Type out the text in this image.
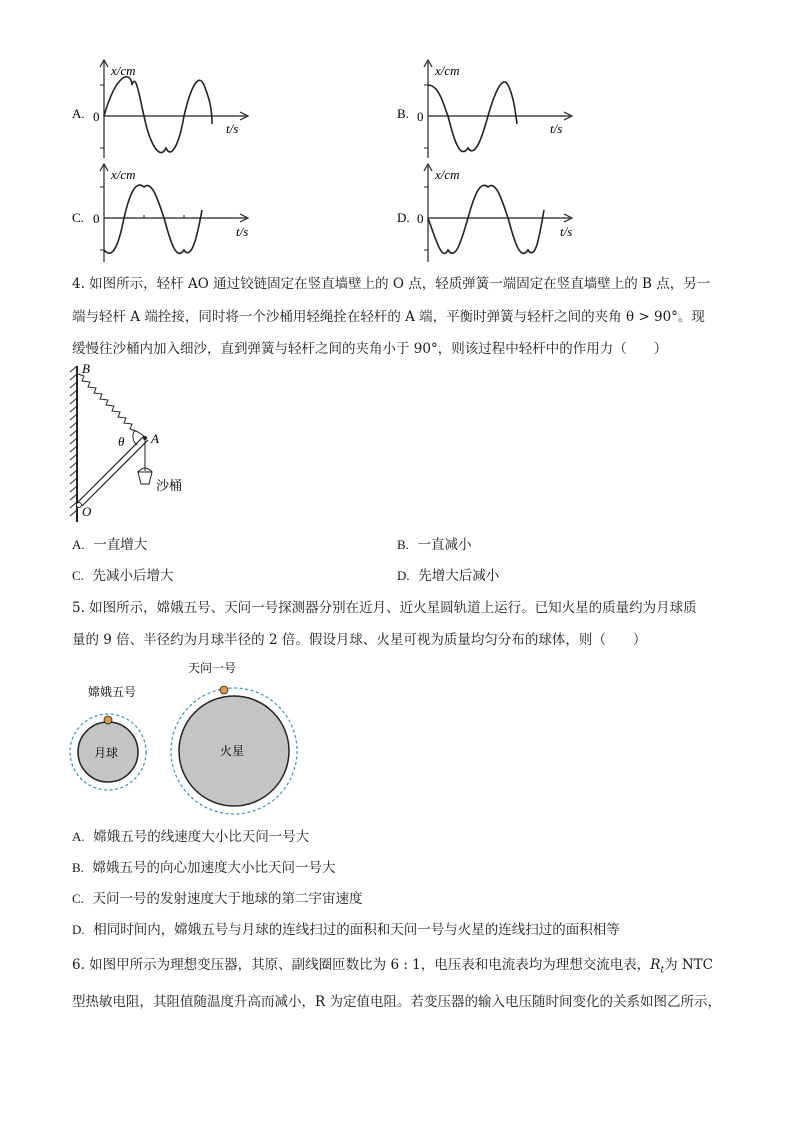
A.
x/cm
0
t/s
B.
x/cm
0
t/s
C.
x/cm
0
t/s
D.
x/cm
0
t/s
4. 如图所示，轻杆 AO 通过铰链固定在竖直墙壁上的 O 点，轻质弹簧一端固定在竖直墙壁上的 B 点，另一
端与轻杆 A 端拴接，同时将一个沙桶用轻绳拴在轻杆的 A 端，平衡时弹簧与轻杆之间的夹角 θ > 90°。现
缓慢往沙桶内加入细沙，直到弹簧与轻杆之间的夹角小于 90°，则该过程中轻杆中的作用力（　　）
B
A
O
θ
沙桶
A. 一直增大	B. 一直减小
C. 先减小后增大	D. 先增大后减小
5. 如图所示，嫦娥五号、天问一号探测器分别在近月、近火星圆轨道上运行。已知火星的质量约为月球质
量的 9 倍、半径约为月球半径的 2 倍。假设月球、火星可视为质量均匀分布的球体，则（　　）
嫦娥五号
月球
天问一号
火星
A. 嫦娥五号的线速度大小比天问一号大
B. 嫦娥五号的向心加速度大小比天问一号大
C. 天问一号的发射速度大于地球的第二宇宙速度
D. 相同时间内，嫦娥五号与月球的连线扫过的面积和天问一号与火星的连线扫过的面积相等
6. 如图甲所示为理想变压器，其原、副线圈匝数比为 6 : 1，电压表和电流表均为理想交流电表，$R_t$为 NTC
型热敏电阻，其阻值随温度升高而减小，R 为定值电阻。若变压器的输入电压随时间变化的关系如图乙所示，
